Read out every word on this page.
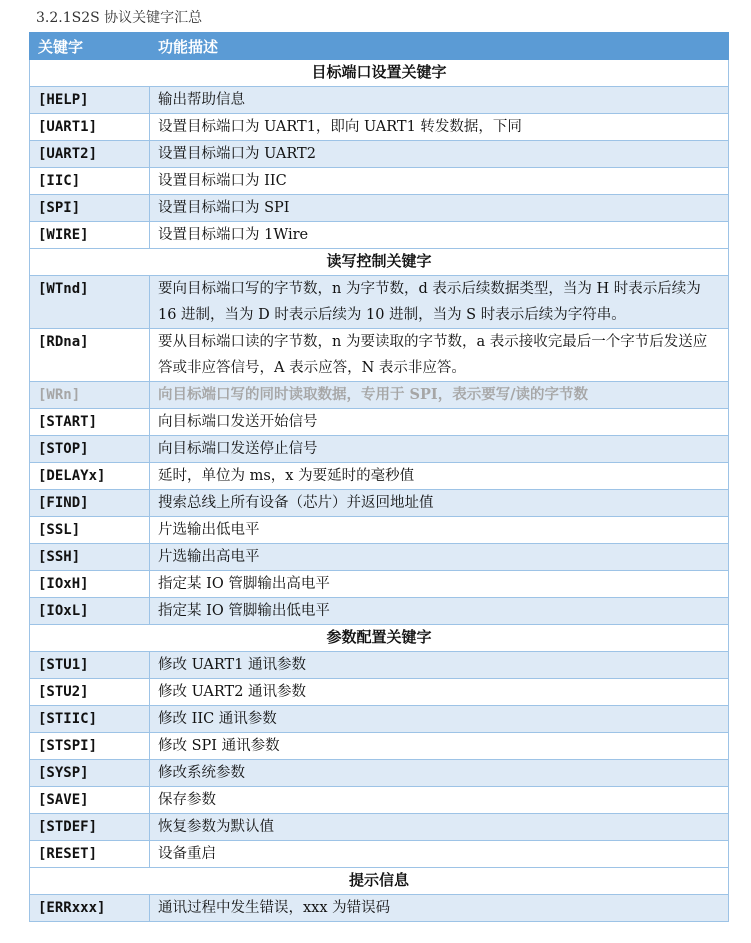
3.2.1S2S 协议关键字汇总
关键字	功能描述
目标端口设置关键字	
[HELP]	输出帮助信息
[UART1]	设置目标端口为 UART1，即向 UART1 转发数据，下同
[UART2]	设置目标端口为 UART2
[IIC]	设置目标端口为 IIC
[SPI]	设置目标端口为 SPI
[WIRE]	设置目标端口为 1Wire
读写控制关键字	
[WTnd]	要向目标端口写的字节数，n 为字节数，d 表示后续数据类型，当为 H 时表示后续为 16 进制，当为 D 时表示后续为 10 进制，当为 S 时表示后续为字符串。
[RDna]	要从目标端口读的字节数，n 为要读取的字节数，a 表示接收完最后一个字节后发送应答或非应答信号，A 表示应答，N 表示非应答。
[WRn]	向目标端口写的同时读取数据，专用于 SPI，表示要写/读的字节数
[START]	向目标端口发送开始信号
[STOP]	向目标端口发送停止信号
[DELAYx]	延时，单位为 ms，x 为要延时的毫秒值
[FIND]	搜索总线上所有设备（芯片）并返回地址值
[SSL]	片选输出低电平
[SSH]	片选输出高电平
[IOxH]	指定某 IO 管脚输出高电平
[IOxL]	指定某 IO 管脚输出低电平
参数配置关键字	
[STU1]	修改 UART1 通讯参数
[STU2]	修改 UART2 通讯参数
[STIIC]	修改 IIC 通讯参数
[STSPI]	修改 SPI 通讯参数
[SYSP]	修改系统参数
[SAVE]	保存参数
[STDEF]	恢复参数为默认值
[RESET]	设备重启
提示信息	
[ERRxxx]	通讯过程中发生错误，xxx 为错误码
